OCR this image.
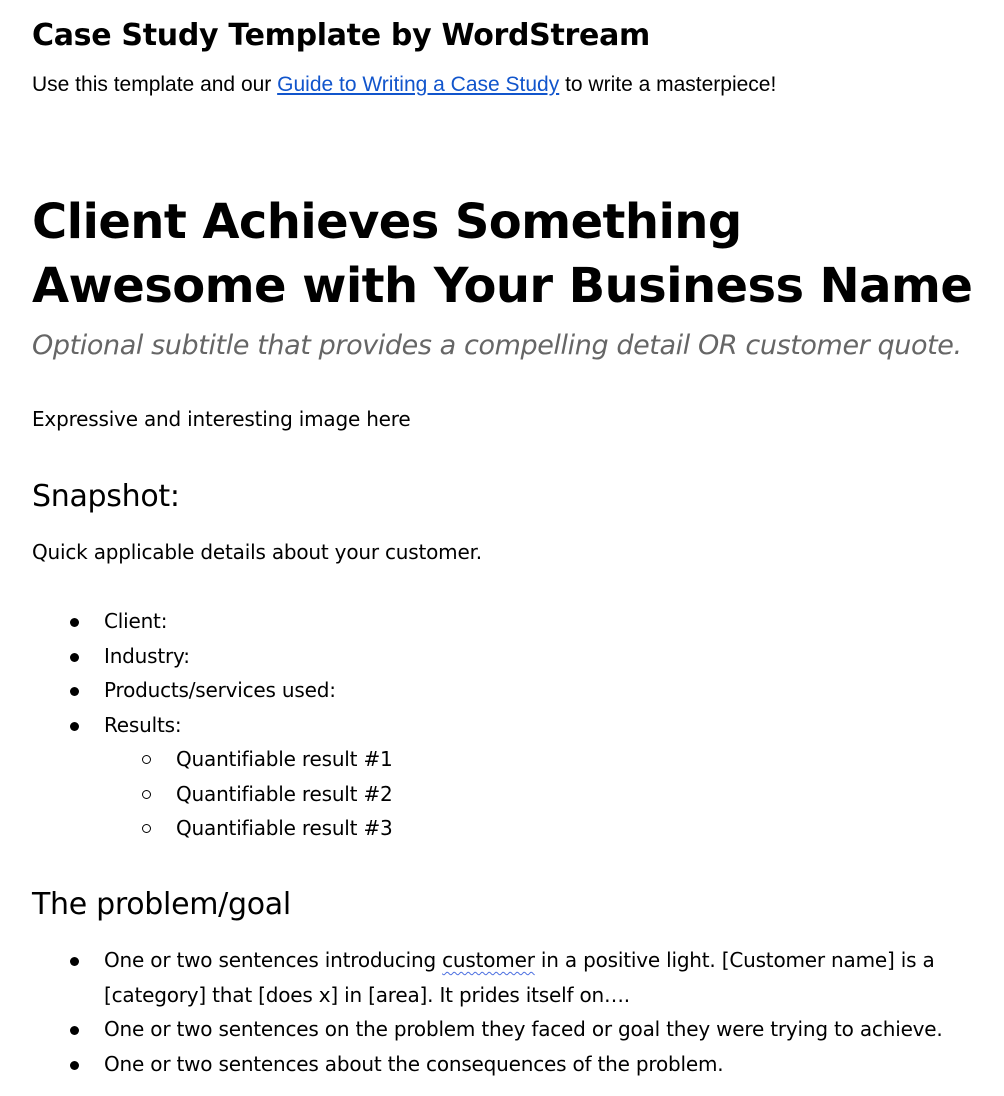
Case Study Template by WordStream

Use this template and our Guide to Writing a Case Study to write a masterpiece!

Client Achieves Something Awesome with Your Business Name

Optional subtitle that provides a compelling detail OR customer quote.

Expressive and interesting image here

Snapshot:

Quick applicable details about your customer.

Client:
Industry:
Products/services used:
Results:
Quantifiable result #1
Quantifiable result #2
Quantifiable result #3
The problem/goal
One or two sentences introducing customer in a positive light. [Customer name] is a [category] that [does x] in [area]. It prides itself on….
One or two sentences on the problem they faced or goal they were trying to achieve.
One or two sentences about the consequences of the problem.
